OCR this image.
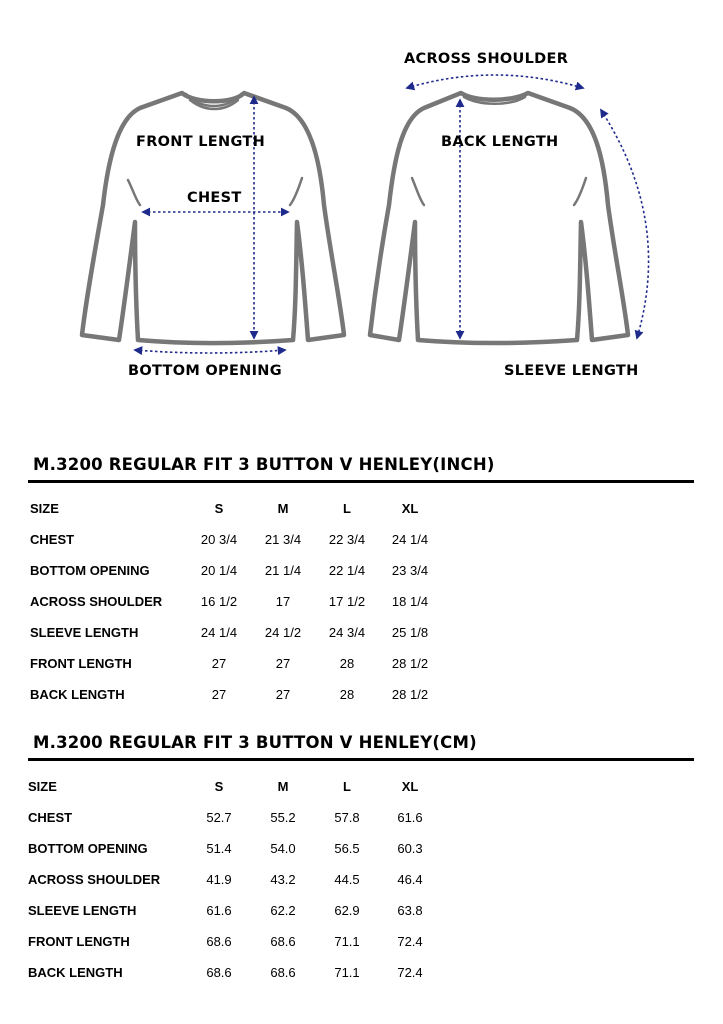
FRONT LENGTH
CHEST
BOTTOM OPENING
ACROSS SHOULDER
BACK LENGTH
SLEEVE LENGTH
M.3200 REGULAR FIT 3 BUTTON V HENLEY(INCH)
SIZE	S	M	L	XL
CHEST	20 3/4	21 3/4	22 3/4	24 1/4
BOTTOM OPENING	20 1/4	21 1/4	22 1/4	23 3/4
ACROSS SHOULDER	16 1/2	17	17 1/2	18 1/4
SLEEVE LENGTH	24 1/4	24 1/2	24 3/4	25 1/8
FRONT LENGTH	27	27	28	28 1/2
BACK LENGTH	27	27	28	28 1/2
M.3200 REGULAR FIT 3 BUTTON V HENLEY(CM)
SIZE	S	M	L	XL
CHEST	52.7	55.2	57.8	61.6
BOTTOM OPENING	51.4	54.0	56.5	60.3
ACROSS SHOULDER	41.9	43.2	44.5	46.4
SLEEVE LENGTH	61.6	62.2	62.9	63.8
FRONT LENGTH	68.6	68.6	71.1	72.4
BACK LENGTH	68.6	68.6	71.1	72.4
